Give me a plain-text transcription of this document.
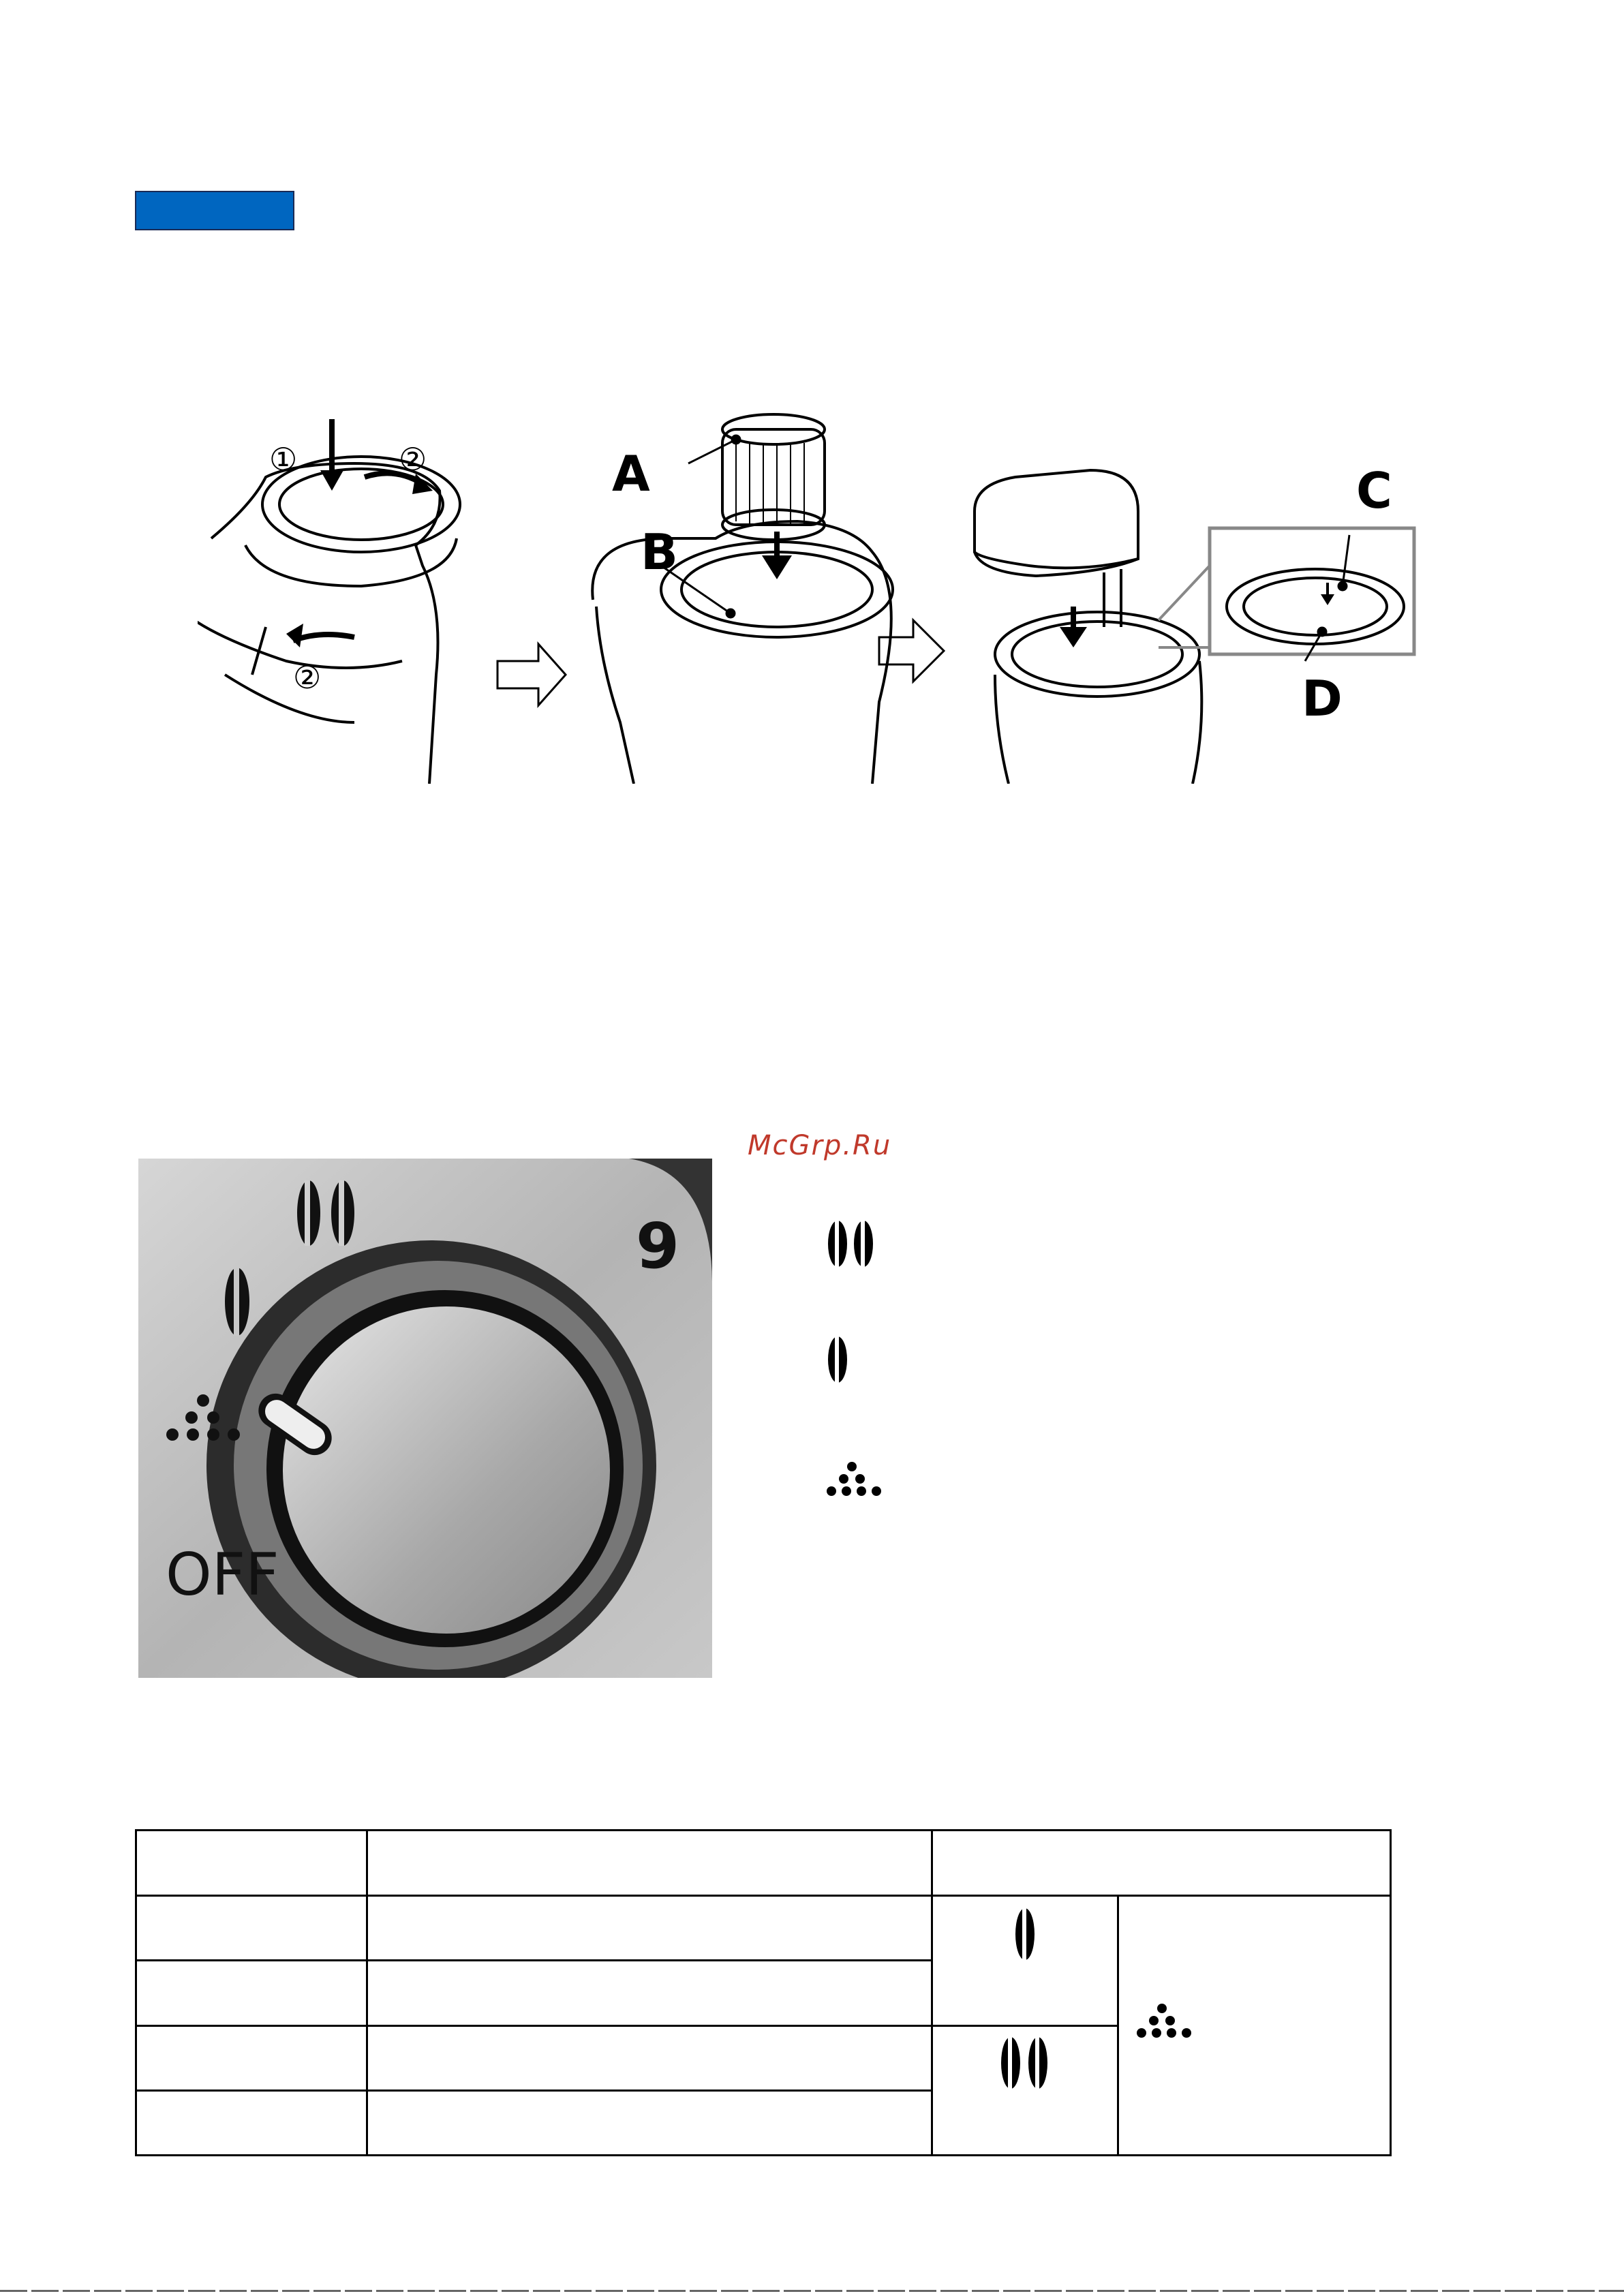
A
B
C
D
①	②
②
McGrp.Ru
OFF
9
